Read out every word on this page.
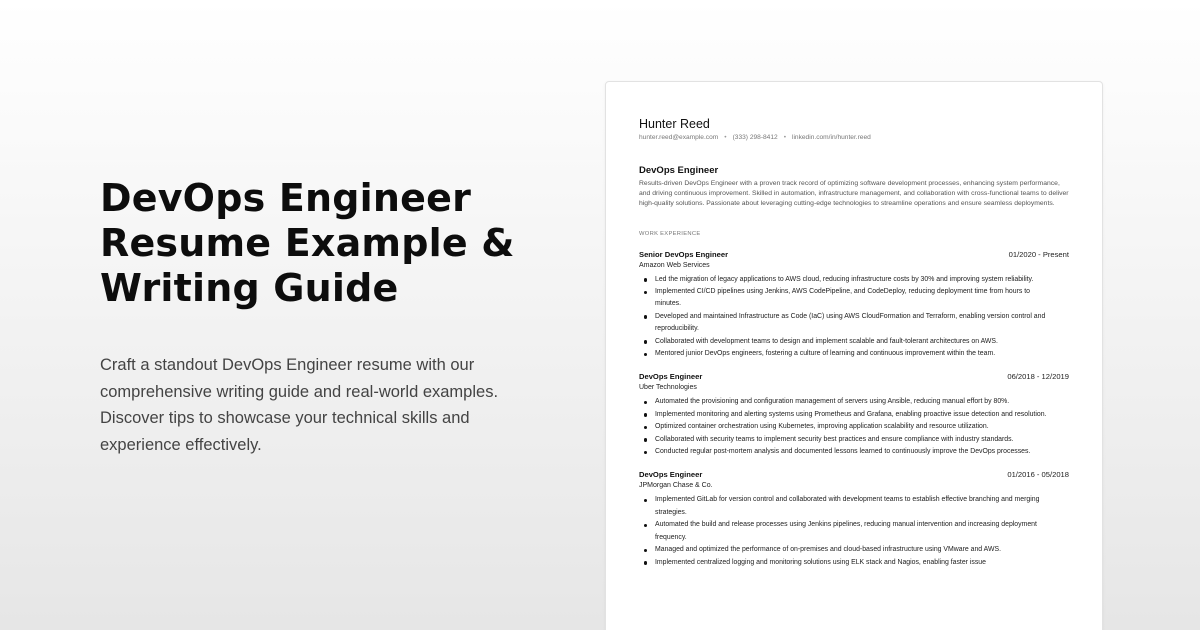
DevOps Engineer Resume Example & Writing Guide

Craft a standout DevOps Engineer resume with our comprehensive writing guide and real-world examples. Discover tips to showcase your technical skills and experience effectively.

Hunter Reed
hunter.reed@example.com • (333) 298-8412 • linkedin.com/in/hunter.reed
DevOps Engineer
Results-driven DevOps Engineer with a proven track record of optimizing software development processes, enhancing system performance, and driving continuous improvement. Skilled in automation, infrastructure management, and collaboration with cross-functional teams to deliver high-quality solutions. Passionate about leveraging cutting-edge technologies to streamline operations and ensure seamless deployments.
WORK EXPERIENCE
Senior DevOps Engineer	01/2020 - Present
Amazon Web Services
Led the migration of legacy applications to AWS cloud, reducing infrastructure costs by 30% and improving system reliability.
Implemented CI/CD pipelines using Jenkins, AWS CodePipeline, and CodeDeploy, reducing deployment time from hours to minutes.
Developed and maintained Infrastructure as Code (IaC) using AWS CloudFormation and Terraform, enabling version control and reproducibility.
Collaborated with development teams to design and implement scalable and fault-tolerant architectures on AWS.
Mentored junior DevOps engineers, fostering a culture of learning and continuous improvement within the team.
DevOps Engineer	06/2018 - 12/2019
Uber Technologies
Automated the provisioning and configuration management of servers using Ansible, reducing manual effort by 80%.
Implemented monitoring and alerting systems using Prometheus and Grafana, enabling proactive issue detection and resolution.
Optimized container orchestration using Kubernetes, improving application scalability and resource utilization.
Collaborated with security teams to implement security best practices and ensure compliance with industry standards.
Conducted regular post-mortem analysis and documented lessons learned to continuously improve the DevOps processes.
DevOps Engineer	01/2016 - 05/2018
JPMorgan Chase & Co.
Implemented GitLab for version control and collaborated with development teams to establish effective branching and merging strategies.
Automated the build and release processes using Jenkins pipelines, reducing manual intervention and increasing deployment frequency.
Managed and optimized the performance of on-premises and cloud-based infrastructure using VMware and AWS.
Implemented centralized logging and monitoring solutions using ELK stack and Nagios, enabling faster issue
